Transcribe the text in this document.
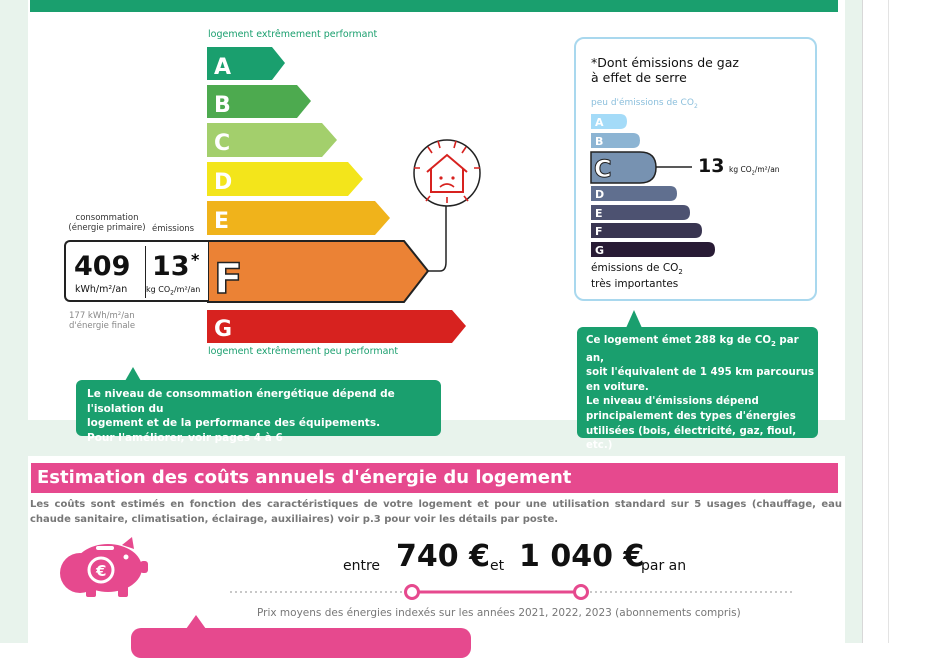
logement extrêmement performant
A
B
C
D
E
F
G
consommation
(énergie primaire) émissions
409
kWh/m²/an
13 *
kg $CO_2/m^2/an$
177 kWh/m²/an
d'énergie finale
logement extrêmement peu performant
*Dont émissions de gaz
à effet de serre
peu d'émissions de $CO_2$
A
B
C
D
E
F
G
13 kg $CO_2/m^2/an$
émissions de $CO_2$
très importantes
Le niveau de consommation énergétique dépend de l'isolation du
logement et de la performance des équipements.
Pour l'améliorer, voir pages 4 à 6
Ce logement émet 288 kg de $CO_2$ par an,
soit l'équivalent de 1 495 km parcourus
en voiture.
Le niveau d'émissions dépend
principalement des types d'énergies
utilisées (bois, électricité, gaz, fioul, etc.)
Estimation des coûts annuels d'énergie du logement
Les coûts sont estimés en fonction des caractéristiques de votre logement et pour une utilisation standard sur 5 usages (chauffage, eau chaude sanitaire, climatisation, éclairage, auxiliaires) voir p.3 pour voir les détails par poste.
€	entre 740 € et 1 040 €
par an
Prix moyens des énergies indexés sur les années 2021, 2022, 2023 (abonnements compris)
